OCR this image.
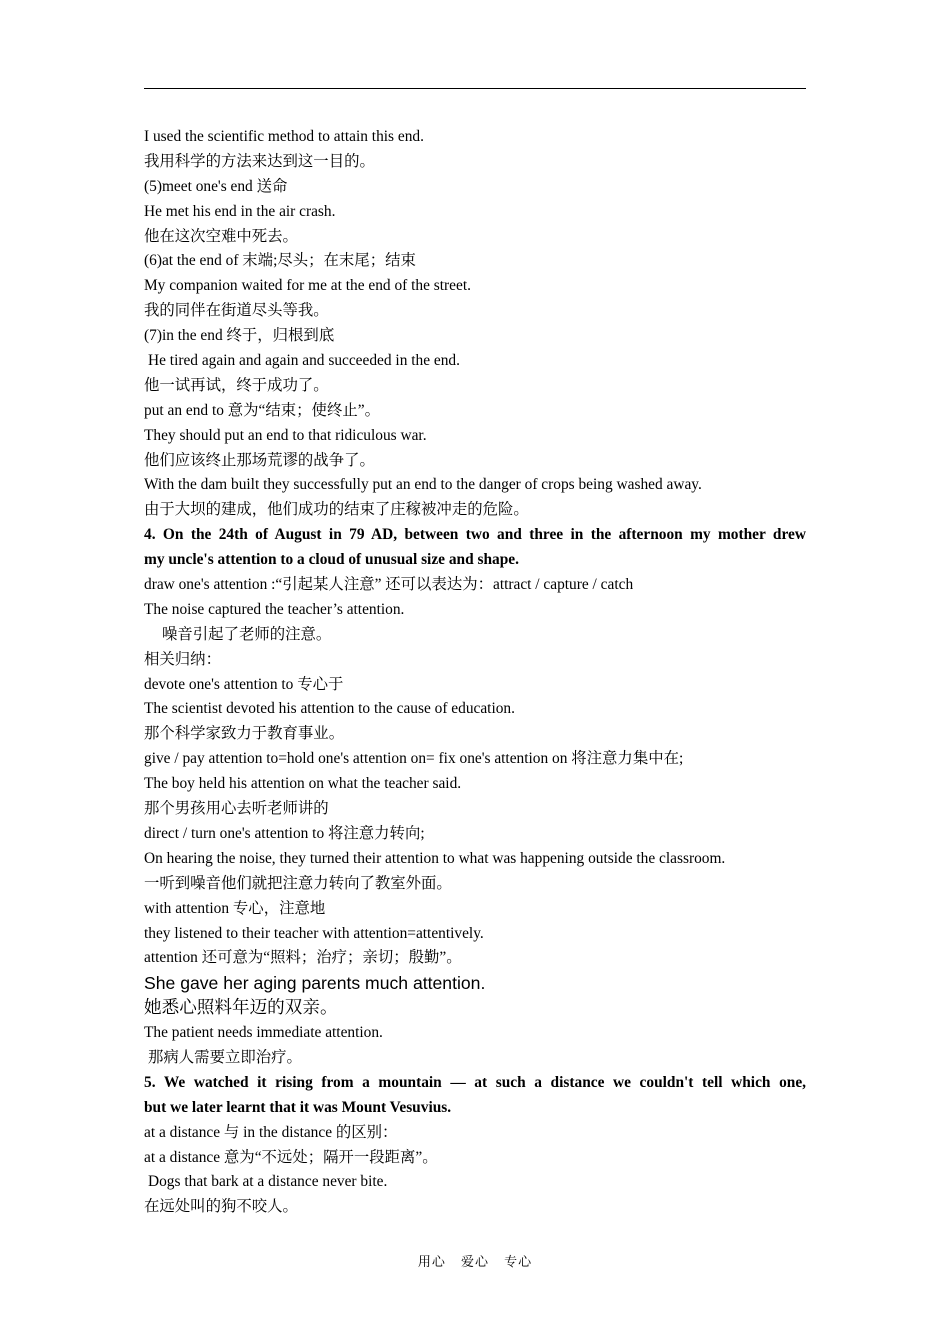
I used the scientific method to attain this end.
我用科学的方法来达到这一目的。
(5)meet one's end 送命
He met his end in the air crash.
他在这次空难中死去。
(6)at the end of 末端;尽头；在末尾；结束
My companion waited for me at the end of the street.
我的同伴在街道尽头等我。
(7)in the end 终于，归根到底
He tired again and again and succeeded in the end.
他一试再试，终于成功了。
put an end to 意为“结束；使终止”。
They should put an end to that ridiculous war.
他们应该终止那场荒谬的战争了。
With the dam built they successfully put an end to the danger of crops being washed away.
由于大坝的建成，他们成功的结束了庄稼被冲走的危险。
4. On the 24th of August in 79 AD, between two and three in the afternoon my mother drew
my uncle's attention to a cloud of unusual size and shape.
draw one's attention :“引起某人注意” 还可以表达为：attract / capture / catch
The noise captured the teacher’s attention.
噪音引起了老师的注意。
相关归纳：
devote one's attention to 专心于
The scientist devoted his attention to the cause of education.
那个科学家致力于教育事业。
give / pay attention to=hold one's attention on= fix one's attention on 将注意力集中在;
The boy held his attention on what the teacher said.
那个男孩用心去听老师讲的
direct / turn one's attention to 将注意力转向;
On hearing the noise, they turned their attention to what was happening outside the classroom.
一听到噪音他们就把注意力转向了教室外面。
with attention 专心，注意地
they listened to their teacher with attention=attentively.
attention 还可意为“照料；治疗；亲切；殷勤”。
She gave her aging parents much attention.
她悉心照料年迈的双亲。
The patient needs immediate attention.
那病人需要立即治疗。
5. We watched it rising from a mountain — at such a distance we couldn't tell which one,
but we later learnt that it was Mount Vesuvius.
at a distance 与 in the distance 的区别：
at a distance 意为“不远处；隔开一段距离”。
Dogs that bark at a distance never bite.
在远处叫的狗不咬人。
用心 爱心 专心
